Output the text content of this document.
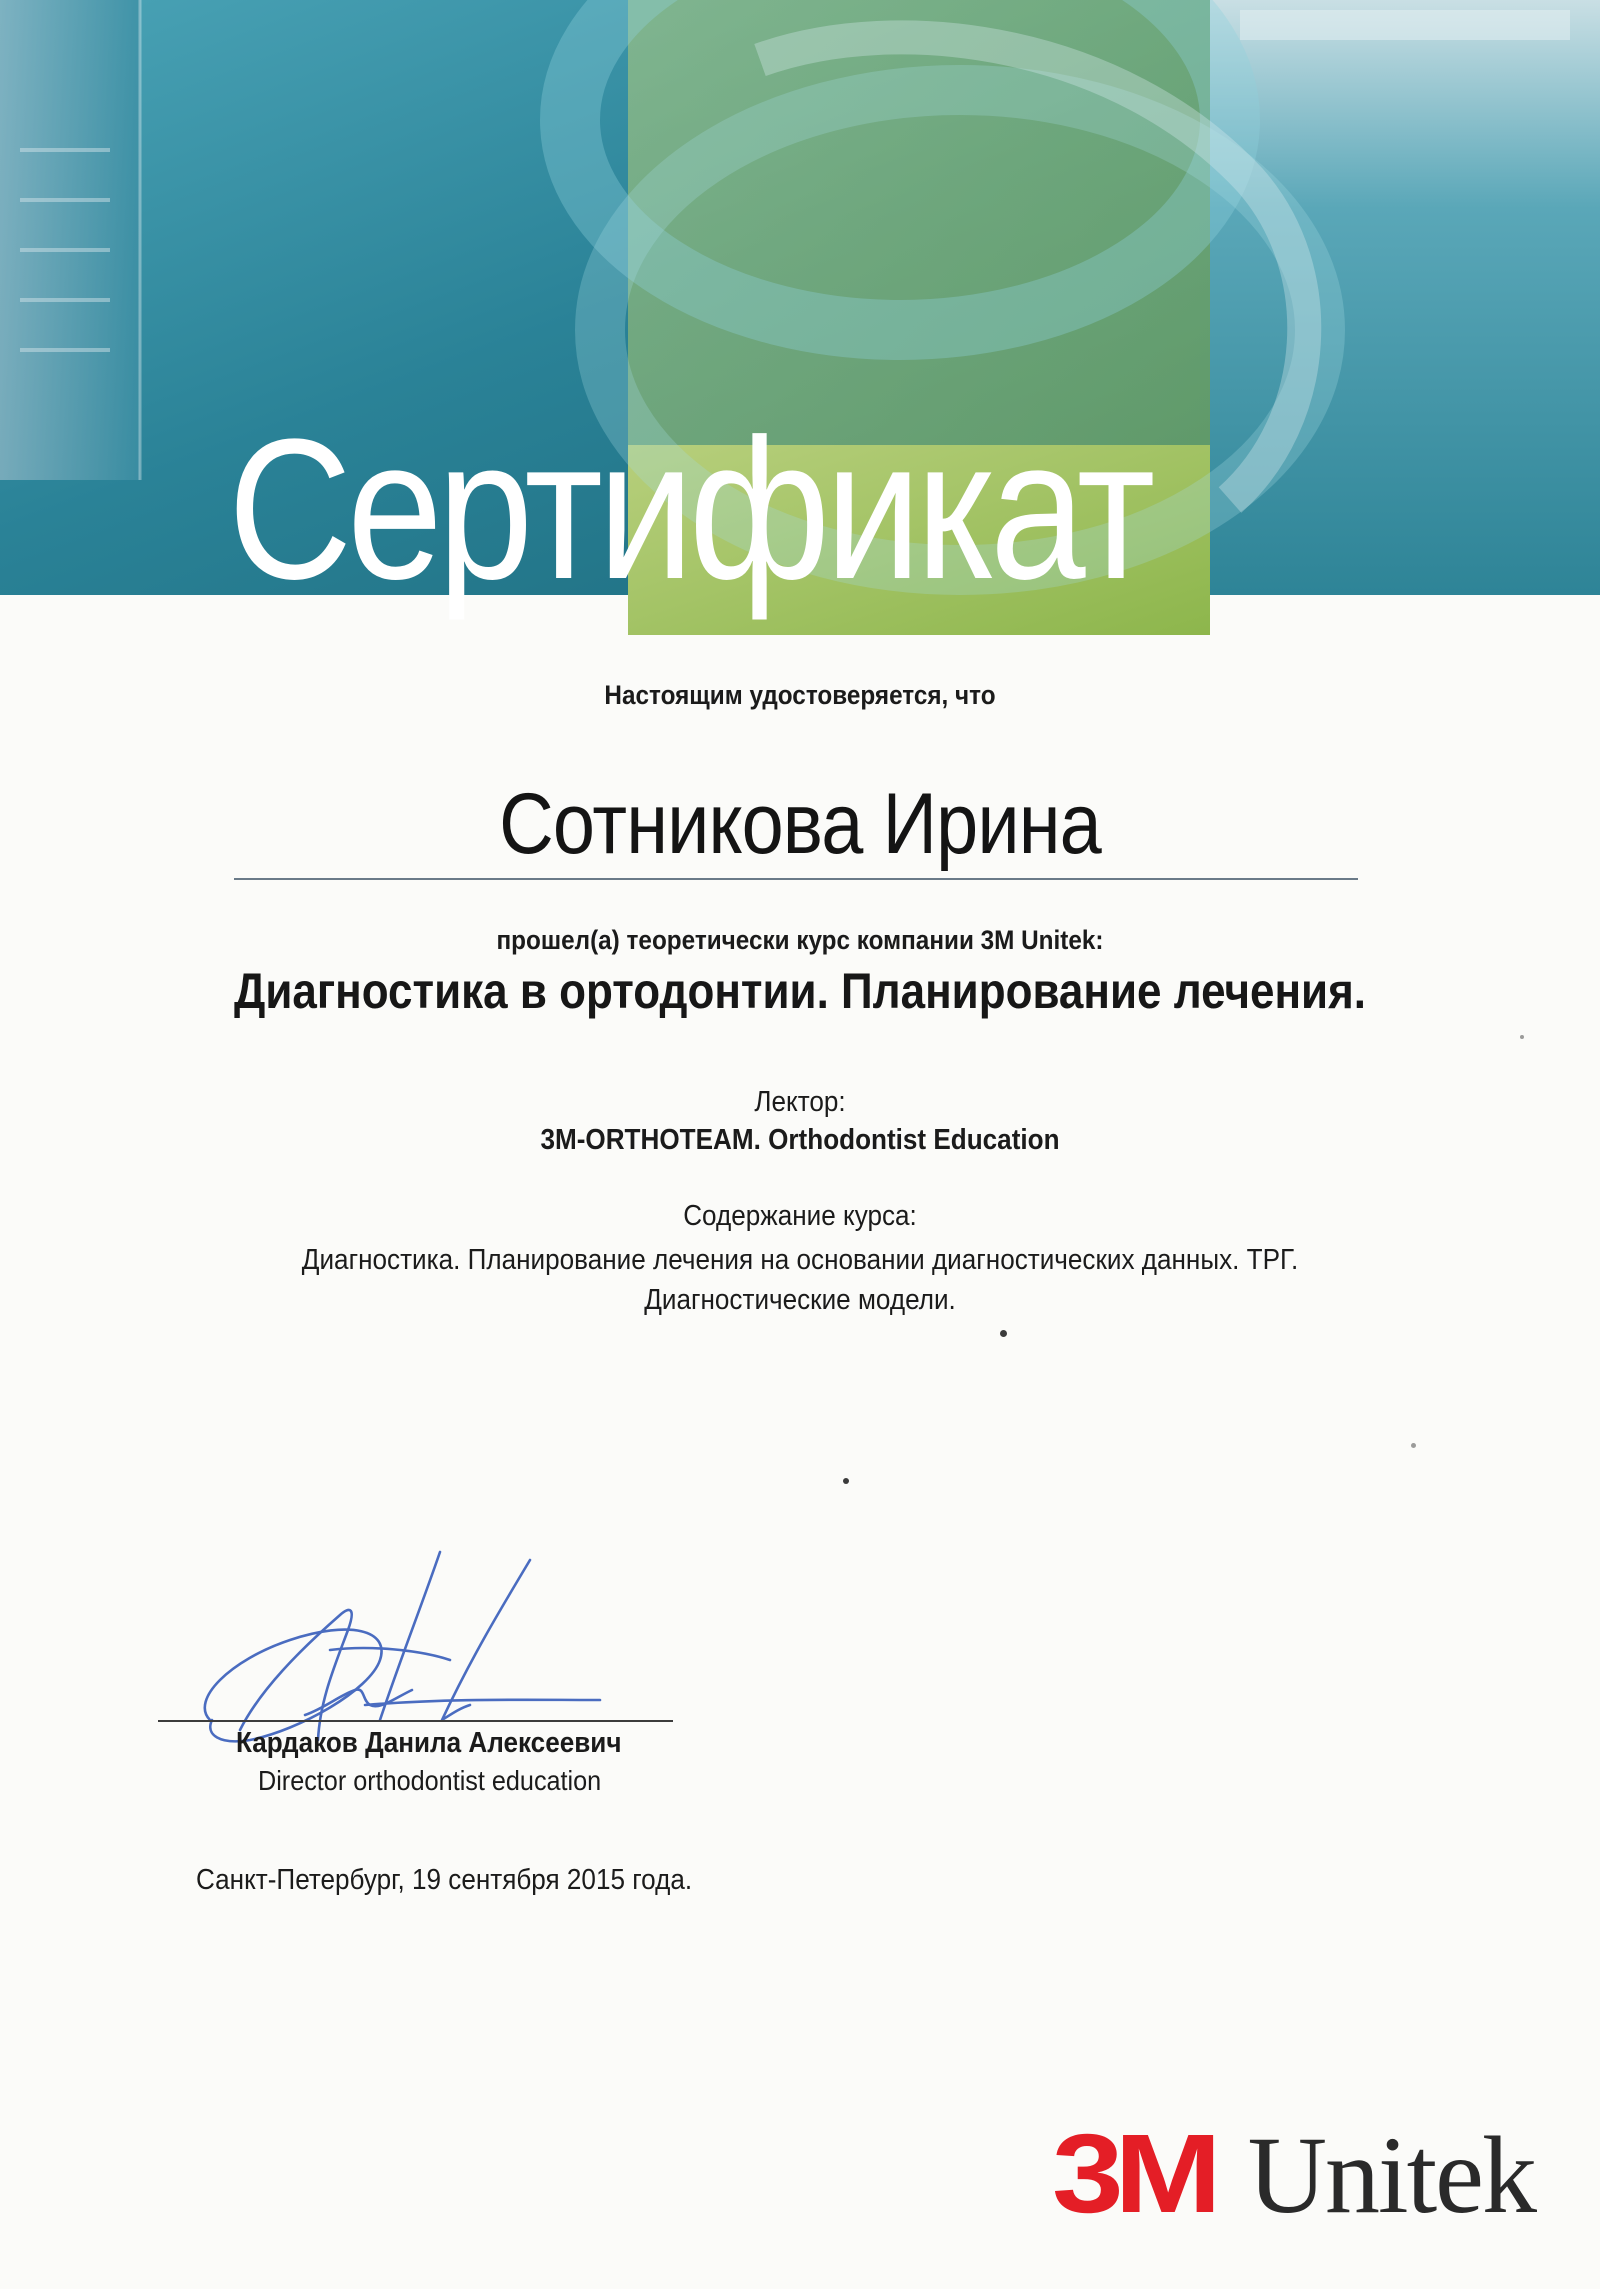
Сертификат
Настоящим удостоверяется, что
Сотникова Ирина
прошел(а) теоретически курс компании 3M Unitek:
Диагностика в ортодонтии. Планирование лечения.
Лектор:
3M-ORTHOTEAM. Orthodontist Education
Содержание курса:
Диагностика. Планирование лечения на основании диагностических данных. ТРГ.
Диагностические модели.
Кардаков Данила Алексеевич
Director orthodontist education
Санкт-Петербург, 19 сентября 2015 года.
3M Unitek
